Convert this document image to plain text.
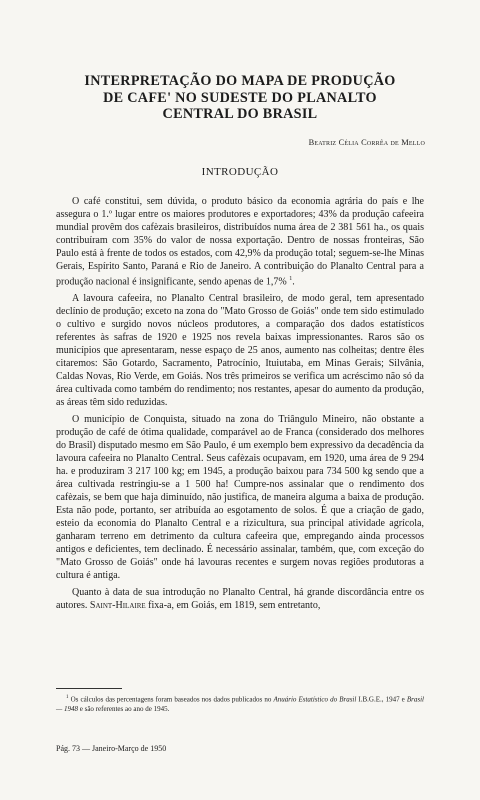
INTERPRETAÇÃO DO MAPA DE PRODUÇÃO
DE CAFE' NO SUDESTE DO PLANALTO
CENTRAL DO BRASIL
Beatriz Célia Corrêa de Mello
INTRODUÇÃO

O café constitui, sem dúvida, o produto básico da economia agrária do país e lhe assegura o 1.º lugar entre os maiores produtores e exportadores; 43% da produção cafeeira mundial provêm dos cafèzais brasileiros, distribuídos numa área de 2 381 561 ha., os quais contribuíram com 35% do valor de nossa exportação. Dentro de nossas fronteiras, São Paulo está à frente de todos os estados, com 42,9% da produção total; seguem-se-lhe Minas Gerais, Espírito Santo, Paraná e Rio de Janeiro. A contribuição do Planalto Central para a produção nacional é insignificante, sendo apenas de 1,7% $^1$.

A lavoura cafeeira, no Planalto Central brasileiro, de modo geral, tem apresentado declínio de produção; exceto na zona do "Mato Grosso de Goiás" onde tem sido estimulado o cultivo e surgido novos núcleos produtores, a comparação dos dados estatísticos referentes às safras de 1920 e 1925 nos revela baixas impressionantes. Raros são os municípios que apresentaram, nesse espaço de 25 anos, aumento nas colheitas; dentre êles citaremos: São Gotardo, Sacramento, Patrocínio, Ituiutaba, em Minas Gerais; Silvânia, Caldas Novas, Rio Verde, em Goiás. Nos três primeiros se verifica um acréscimo não só da área cultivada como também do rendimento; nos restantes, apesar do aumento da produção, as áreas têm sido reduzidas.

O município de Conquista, situado na zona do Triângulo Mineiro, não obstante a produção de café de ótima qualidade, comparável ao de Franca (considerado dos melhores do Brasil) disputado mesmo em São Paulo, é um exemplo bem expressivo da decadência da lavoura cafeeira no Planalto Central. Seus cafèzais ocupavam, em 1920, uma área de 9 294 ha. e produziram 3 217 100 kg; em 1945, a produção baixou para 734 500 kg sendo que a área cultivada restringiu-se a 1 500 ha! Cumpre-nos assinalar que o rendimento dos cafèzais, se bem que haja diminuído, não justifica, de maneira alguma a baixa de produção. Esta não pode, portanto, ser atribuída ao esgotamento de solos. É que a criação de gado, esteio da economia do Planalto Central e a rizicultura, sua principal atividade agrícola, ganharam terreno em detrimento da cultura cafeeira que, empregando ainda processos antigos e deficientes, tem declinado. É necessário assinalar, também, que, com exceção do "Mato Grosso de Goiás" onde há lavouras recentes e surgem novas regiões produtoras a cultura é antiga.

Quanto à data de sua introdução no Planalto Central, há grande discordância entre os autores. Saint-Hilaire fixa-a, em Goiás, em 1819, sem entretanto,

$^1$ Os cálculos das percentagens foram baseados nos dados publicados no Anuário Estatístico do Brasil I.B.G.E., 1947 e Brasil — 1948 e são referentes ao ano de 1945.
Pág. 73 — Janeiro-Março de 1950
